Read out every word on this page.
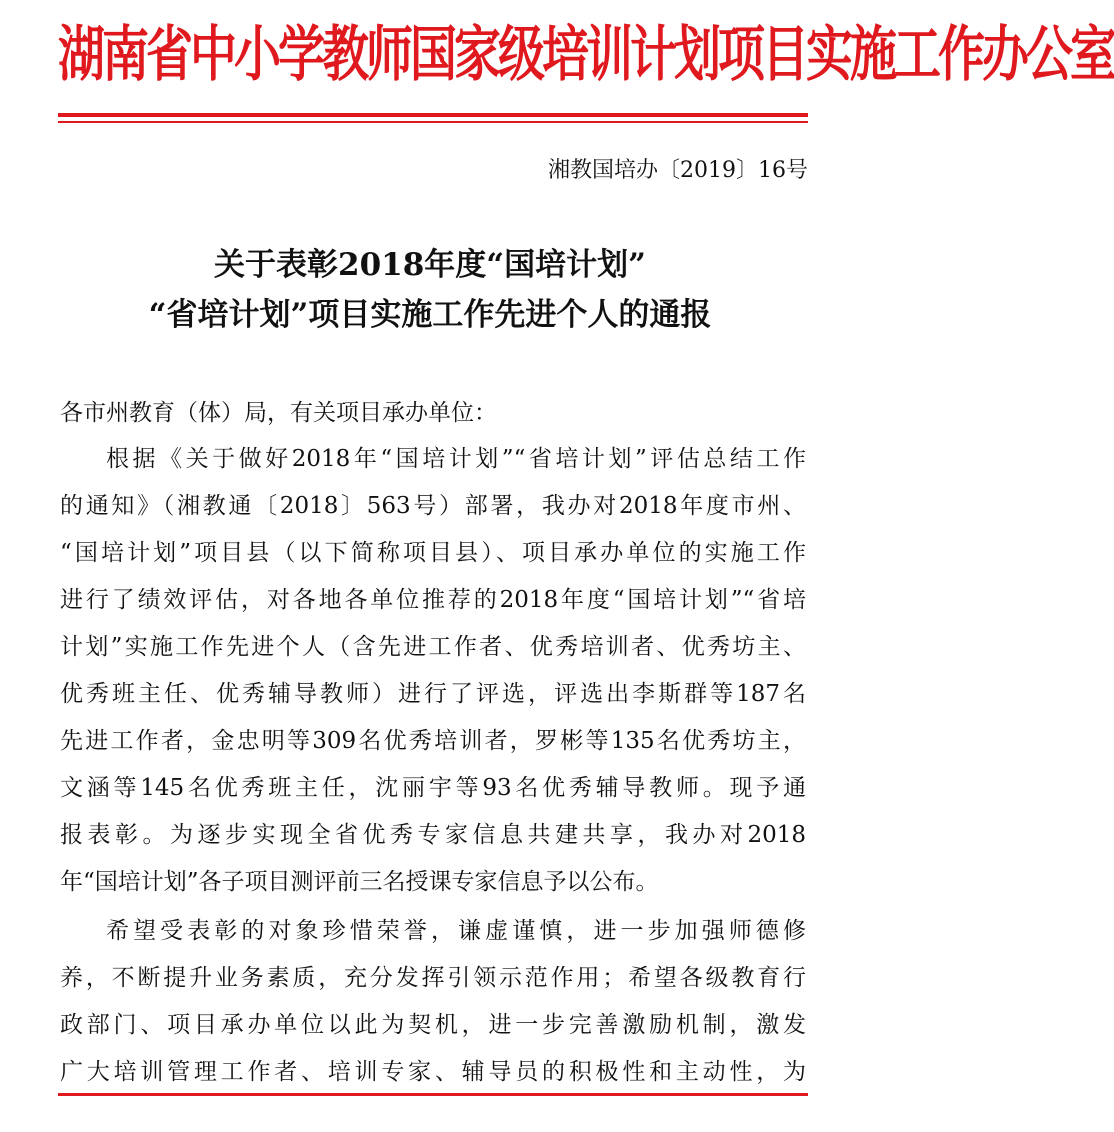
湖南省中小学教师国家级培训计划项目实施工作办公室
湘教国培办〔2019〕16号
关于表彰2018年度“国培计划”
“省培计划”项目实施工作先进个人的通报
各市州教育（体）局，有关项目承办单位：
根据《关于做好2018年“国培计划”“省培计划”评估总结工作
的通知》（湘教通〔2018〕563号）部署，我办对2018年度市州、
“国培计划”项目县（以下简称项目县）、项目承办单位的实施工作
进行了绩效评估，对各地各单位推荐的2018年度“国培计划”“省培
计划”实施工作先进个人（含先进工作者、优秀培训者、优秀坊主、
优秀班主任、优秀辅导教师）进行了评选，评选出李斯群等187名
先进工作者，金忠明等309名优秀培训者，罗彬等135名优秀坊主，
文涵等145名优秀班主任，沈丽宇等93名优秀辅导教师。现予通
报表彰。为逐步实现全省优秀专家信息共建共享，我办对2018
年“国培计划”各子项目测评前三名授课专家信息予以公布。
希望受表彰的对象珍惜荣誉，谦虚谨慎，进一步加强师德修
养，不断提升业务素质，充分发挥引领示范作用；希望各级教育行
政部门、项目承办单位以此为契机，进一步完善激励机制，激发
广大培训管理工作者、培训专家、辅导员的积极性和主动性，为
